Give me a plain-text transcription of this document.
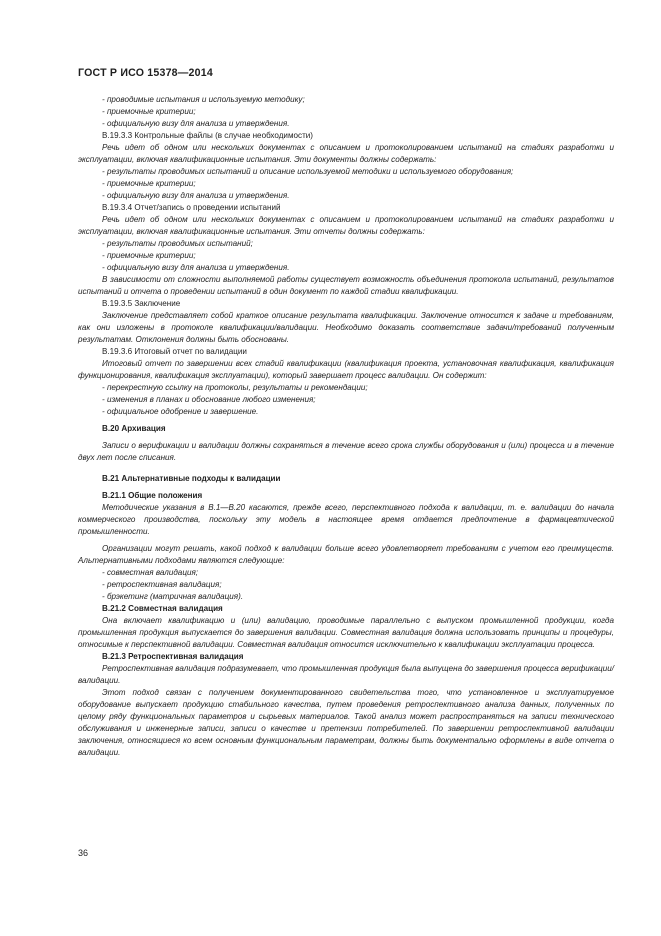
ГОСТ Р ИСО 15378—2014

- проводимые испытания и используемую методику;

- приемочные критерии;

- официальную визу для анализа и утверждения.

В.19.3.3 Контрольные файлы (в случае необходимости)

Речь идет об одном или нескольких документах с описанием и протоколированием испытаний на стадиях разработки и эксплуатации, включая квалификационные испытания. Эти документы должны содержать:

- результаты проводимых испытаний и описание используемой методики и используемого оборудования;

- приемочные критерии;

- официальную визу для анализа и утверждения.

В.19.3.4 Отчет/запись о проведении испытаний

Речь идет об одном или нескольких документах с описанием и протоколированием испытаний на стадиях разработки и эксплуатации, включая квалификационные испытания. Эти отчеты должны содержать:

- результаты проводимых испытаний;

- приемочные критерии;

- официальную визу для анализа и утверждения.

В зависимости от сложности выполняемой работы существует возможность объединения протокола испытаний, результатов испытаний и отчета о проведении испытаний в один документ по каждой стадии квалификации.

В.19.3.5 Заключение

Заключение представляет собой краткое описание результата квалификации. Заключение относится к задаче и требованиям, как они изложены в протоколе квалификации/валидации. Необходимо доказать соответствие задачи/требований полученным результатам. Отклонения должны быть обоснованы.

В.19.3.6 Итоговый отчет по валидации

Итоговый отчет по завершении всех стадий квалификации (квалификация проекта, установочная квалификация, квалификация функционирования, квалификация эксплуатации), который завершает процесс валидации. Он содержит:

- перекрестную ссылку на протоколы, результаты и рекомендации;

- изменения в планах и обоснование любого изменения;

- официальное одобрение и завершение.

В.20 Архивация

Записи о верификации и валидации должны сохраняться в течение всего срока службы оборудования и (или) процесса и в течение двух лет после списания.

В.21 Альтернативные подходы к валидации

В.21.1 Общие положения

Методические указания в В.1—В.20 касаются, прежде всего, перспективного подхода к валидации, т. е. валидации до начала коммерческого производства, поскольку эту модель в настоящее время отдается предпочтение в фармацевтической промышленности.

Организации могут решать, какой подход к валидации больше всего удовлетворяет требованиям с учетом его преимуществ. Альтернативными подходами являются следующие:

- совместная валидация;

- ретроспективная валидация;

- брэкетинг (матричная валидация).

В.21.2 Совместная валидация

Она включает квалификацию и (или) валидацию, проводимые параллельно с выпуском промышленной продукции, когда промышленная продукция выпускается до завершения валидации. Совместная валидация должна использовать принципы и процедуры, относимые к перспективной валидации. Совместная валидация относится исключительно к квалификации эксплуатации процесса.

В.21.3 Ретроспективная валидация

Ретроспективная валидация подразумевает, что промышленная продукция была выпущена до завершения процесса верификации/валидации.

Этот подход связан с получением документированного свидетельства того, что установленное и эксплуатируемое оборудование выпускает продукцию стабильного качества, путем проведения ретроспективного анализа данных, полученных по целому ряду функциональных параметров и сырьевых материалов. Такой анализ может распространяться на записи технического обслуживания и инженерные записи, записи о качестве и претензии потребителей. По завершении ретроспективной валидации заключения, относящиеся ко всем основным функциональным параметрам, должны быть документально оформлены в виде отчета о валидации.

36
